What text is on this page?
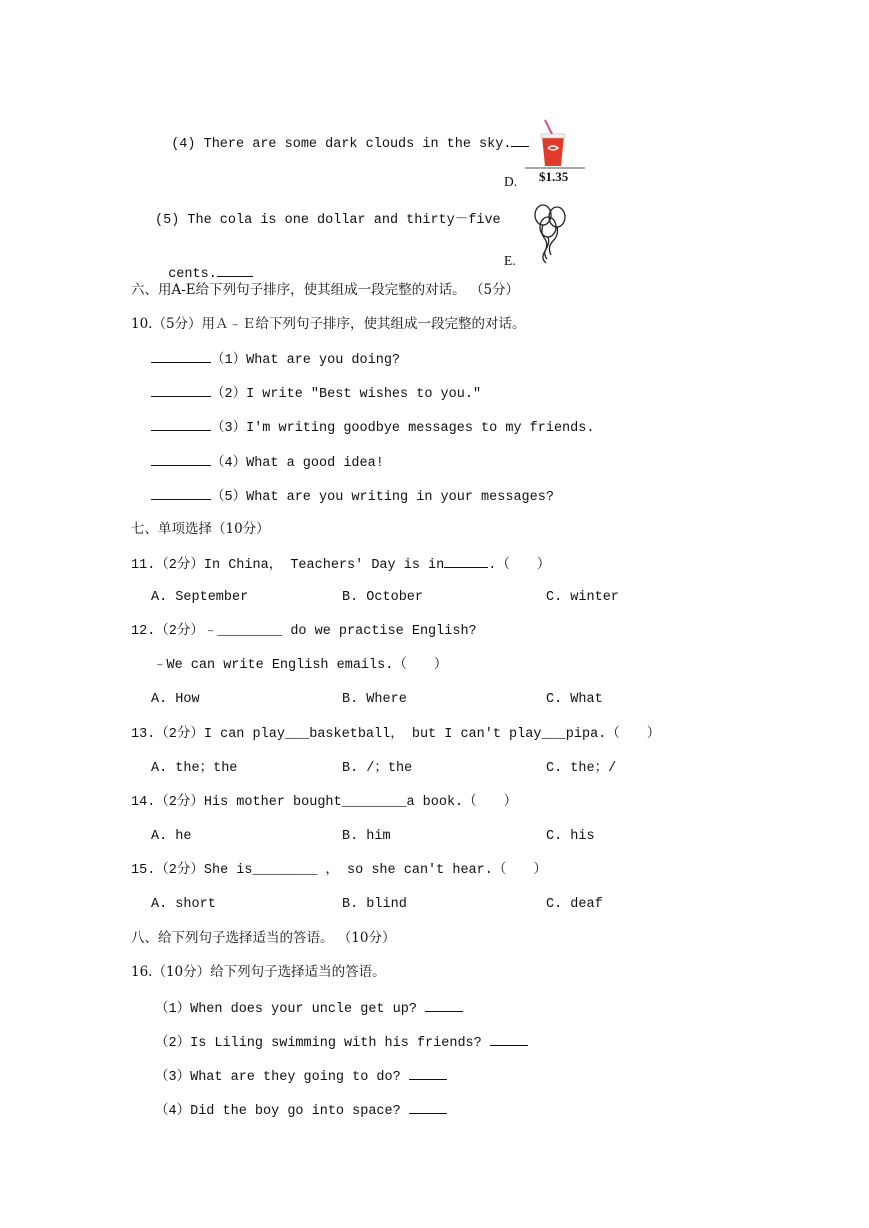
(4) There are some dark clouds in the sky.

$1.35
D.
(5) The cola is one dollar and thirty－five

cents.

E.
六、用A-E给下列句子排序，使其组成一段完整的对话。 （5分）
10.（5分）用Ａ﹣Ｅ给下列句子排序，使其组成一段完整的对话。
（1）What are you doing?
（2）I write "Best wishes to you."
（3）I'm writing goodbye messages to my friends.
（4）What a good idea!
（5）What are you writing in your messages?
七、单项选择（10分）
11.（2分）In China， Teachers' Day is in	.（　　）
A. September	B. October	C. winter
12.（2分）﹣________ do we practise English?
﹣We can write English emails.（　　）
A. How	B. Where	C. What
13.（2分）I can play___basketball， but I can't play___pipa.（　　）
A. the；the	B. /；the	C. the；/
14.（2分）His mother bought________a book.（　　）
A. he	B. him	C. his
15.（2分）She is________ ， so she can't hear.（　　）
A. short	B. blind	C. deaf
八、给下列句子选择适当的答语。 （10分）
16.（10分）给下列句子选择适当的答语。
（1）When does your uncle get up?
（2）Is Liling swimming with his friends?
（3）What are they going to do?
（4）Did the boy go into space?
